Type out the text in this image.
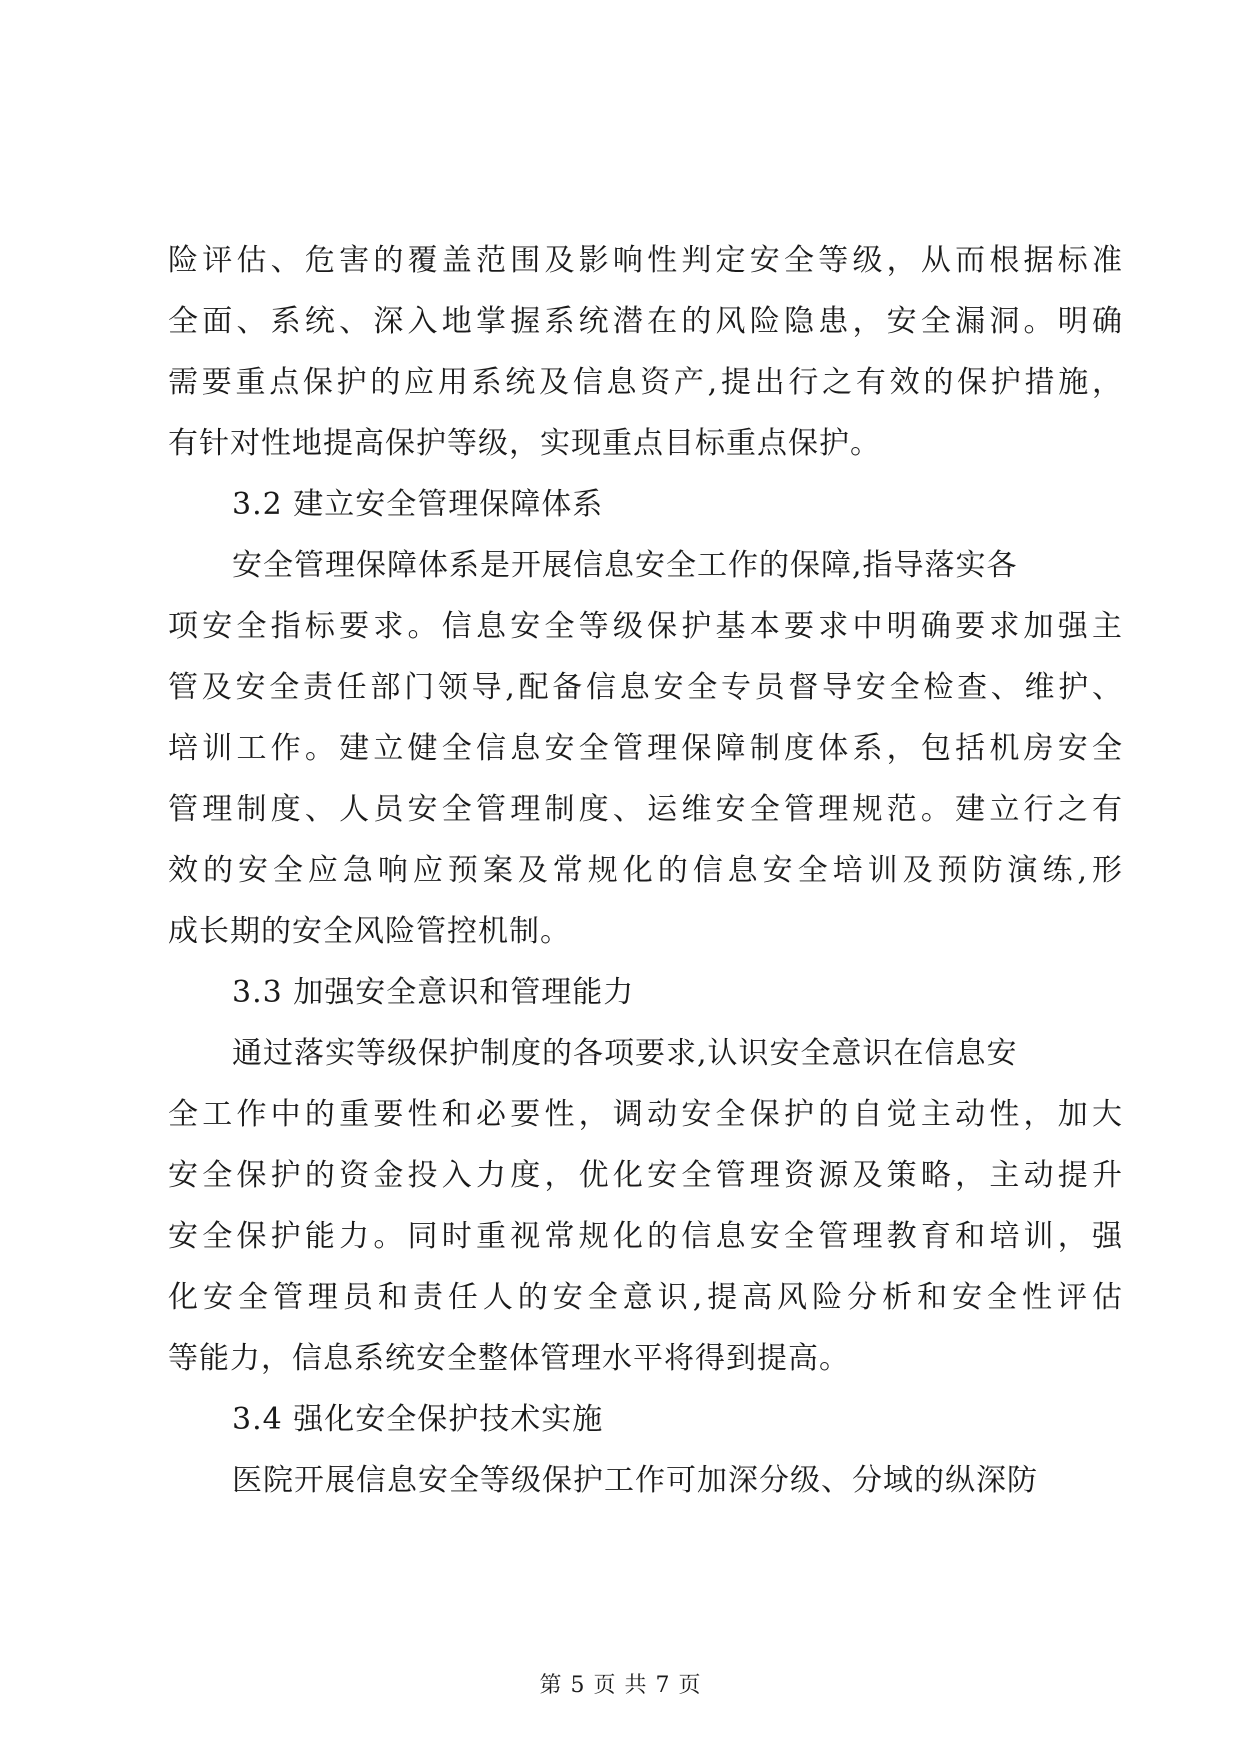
险评估、危害的覆盖范围及影响性判定安全等级，从而根据标准
全面、系统、深入地掌握系统潜在的风险隐患，安全漏洞。明确
需要重点保护的应用系统及信息资产,提出行之有效的保护措施，
有针对性地提高保护等级，实现重点目标重点保护。
3.2 建立安全管理保障体系
安全管理保障体系是开展信息安全工作的保障,指导落实各
项安全指标要求。信息安全等级保护基本要求中明确要求加强主
管及安全责任部门领导,配备信息安全专员督导安全检查、维护、
培训工作。建立健全信息安全管理保障制度体系，包括机房安全
管理制度、人员安全管理制度、运维安全管理规范。建立行之有
效的安全应急响应预案及常规化的信息安全培训及预防演练,形
成长期的安全风险管控机制。
3.3 加强安全意识和管理能力
通过落实等级保护制度的各项要求,认识安全意识在信息安
全工作中的重要性和必要性，调动安全保护的自觉主动性，加大
安全保护的资金投入力度，优化安全管理资源及策略，主动提升
安全保护能力。同时重视常规化的信息安全管理教育和培训，强
化安全管理员和责任人的安全意识,提高风险分析和安全性评估
等能力，信息系统安全整体管理水平将得到提高。
3.4 强化安全保护技术实施
医院开展信息安全等级保护工作可加深分级、分域的纵深防
第 5 页 共 7 页
